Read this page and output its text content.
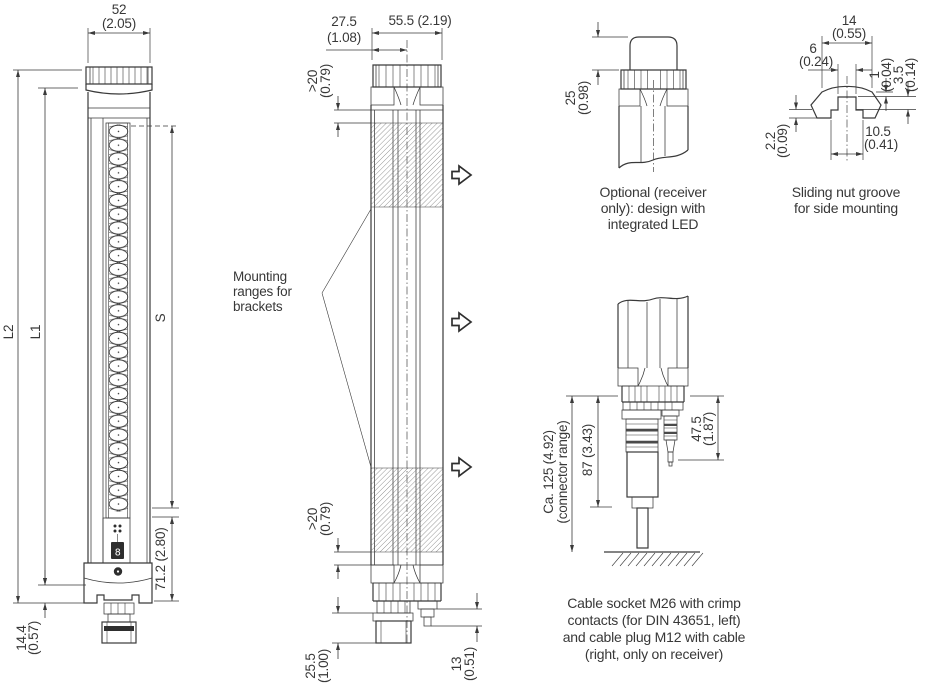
8
52
(2.05)
L2 L1
S
71.2 (2.80)
14.4
(0.57)
Mounting
ranges for
brackets
55.5 (2.19)
27.5
(1.08)
>20
(0.79)
>20
(0.79)
25.5
(1.00)	13
(0.51)
25
(0.98)
Optional (receiver
only): design with
integrated LED
14
(0.55)
6
(0.24)
1
(0.04)
3.5
(0.14)
2.2
(0.09)	10.5
(0.41)
Sliding nut groove
for side mounting
Ca. 125 (4.92) (connector range) 87 (3.43)	47.5
(1.87)
Cable socket M26 with crimp
contacts (for DIN 43651, left)
and cable plug M12 with cable
(right, only on receiver)
